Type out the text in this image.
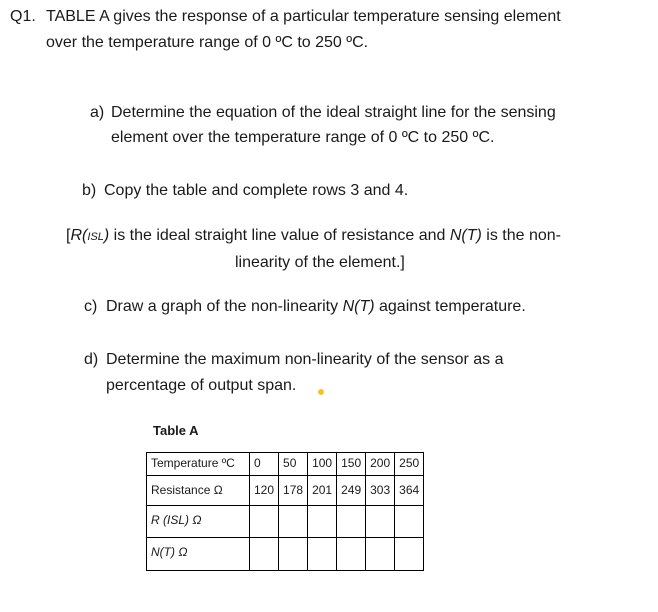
Q1. TABLE A gives the response of a particular temperature sensing element
over the temperature range of 0 ºC to 250 ºC.
a) Determine the equation of the ideal straight line for the sensing
element over the temperature range of 0 ºC to 250 ºC.
b) Copy the table and complete rows 3 and 4.
[R(ISL) is the ideal straight line value of resistance and N(T) is the non-
linearity of the element.]
c) Draw a graph of the non-linearity N(T) against temperature.
d) Determine the maximum non-linearity of the sensor as a
percentage of output span.
Table A
Temperature ºC	0	50	100	150	200	250
Resistance Ω	120	178	201	249	303	364
R (ISL) Ω						
N(T) Ω						
